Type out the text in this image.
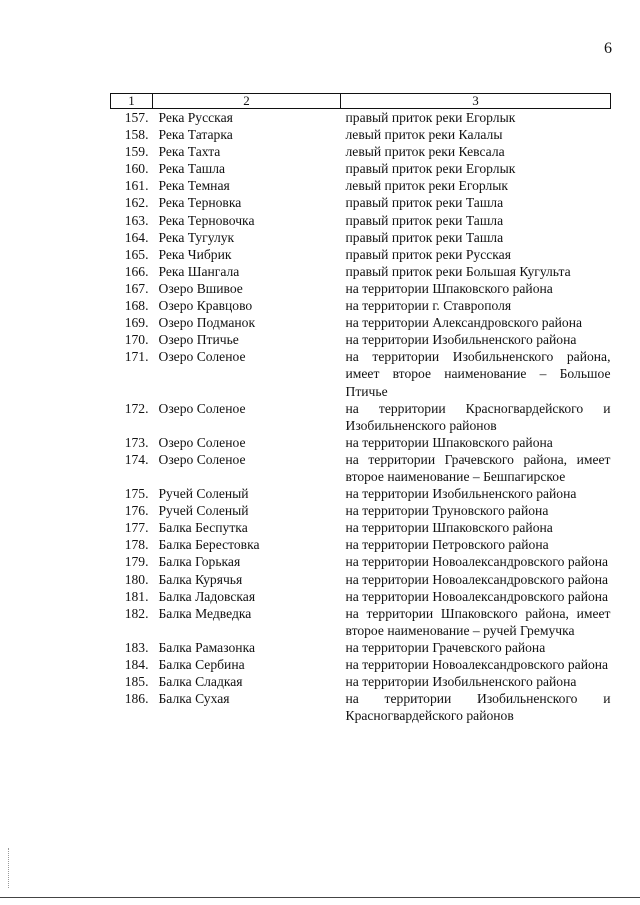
6
1	2	3
157.	Река Русская	правый приток реки Егорлык
158.	Река Татарка	левый приток реки Калалы
159.	Река Тахта	левый приток реки Кевсала
160.	Река Ташла	правый приток реки Егорлык
161.	Река Темная	левый приток реки Егорлык
162.	Река Терновка	правый приток реки Ташла
163.	Река Терновочка	правый приток реки Ташла
164.	Река Тугулук	правый приток реки Ташла
165.	Река Чибрик	правый приток реки Русская
166.	Река Шангала	правый приток реки Большая Кугульта
167.	Озеро Вшивое	на территории Шпаковского района
168.	Озеро Кравцово	на территории г. Ставрополя
169.	Озеро Подманок	на территории Александровского района
170.	Озеро Птичье	на территории Изобильненского района
171.	Озеро Соленое	на территории Изобильненского района, имеет второе наименование – Большое Птичье
172.	Озеро Соленое	на территории Красногвардейского и Изобильненского районов
173.	Озеро Соленое	на территории Шпаковского района
174.	Озеро Соленое	на территории Грачевского района, имеет второе наименование – Бешпагирское
175.	Ручей Соленый	на территории Изобильненского района
176.	Ручей Соленый	на территории Труновского района
177.	Балка Беспутка	на территории Шпаковского района
178.	Балка Берестовка	на территории Петровского района
179.	Балка Горькая	на территории Новоалександровского района
180.	Балка Курячья	на территории Новоалександровского района
181.	Балка Ладовская	на территории Новоалександровского района
182.	Балка Медведка	на территории Шпаковского района, имеет второе наименование – ручей Гремучка
183.	Балка Рамазонка	на территории Грачевского района
184.	Балка Сербина	на территории Новоалександровского района
185.	Балка Сладкая	на территории Изобильненского района
186.	Балка Сухая	на территории Изобильненского и Красногвардейского районов
